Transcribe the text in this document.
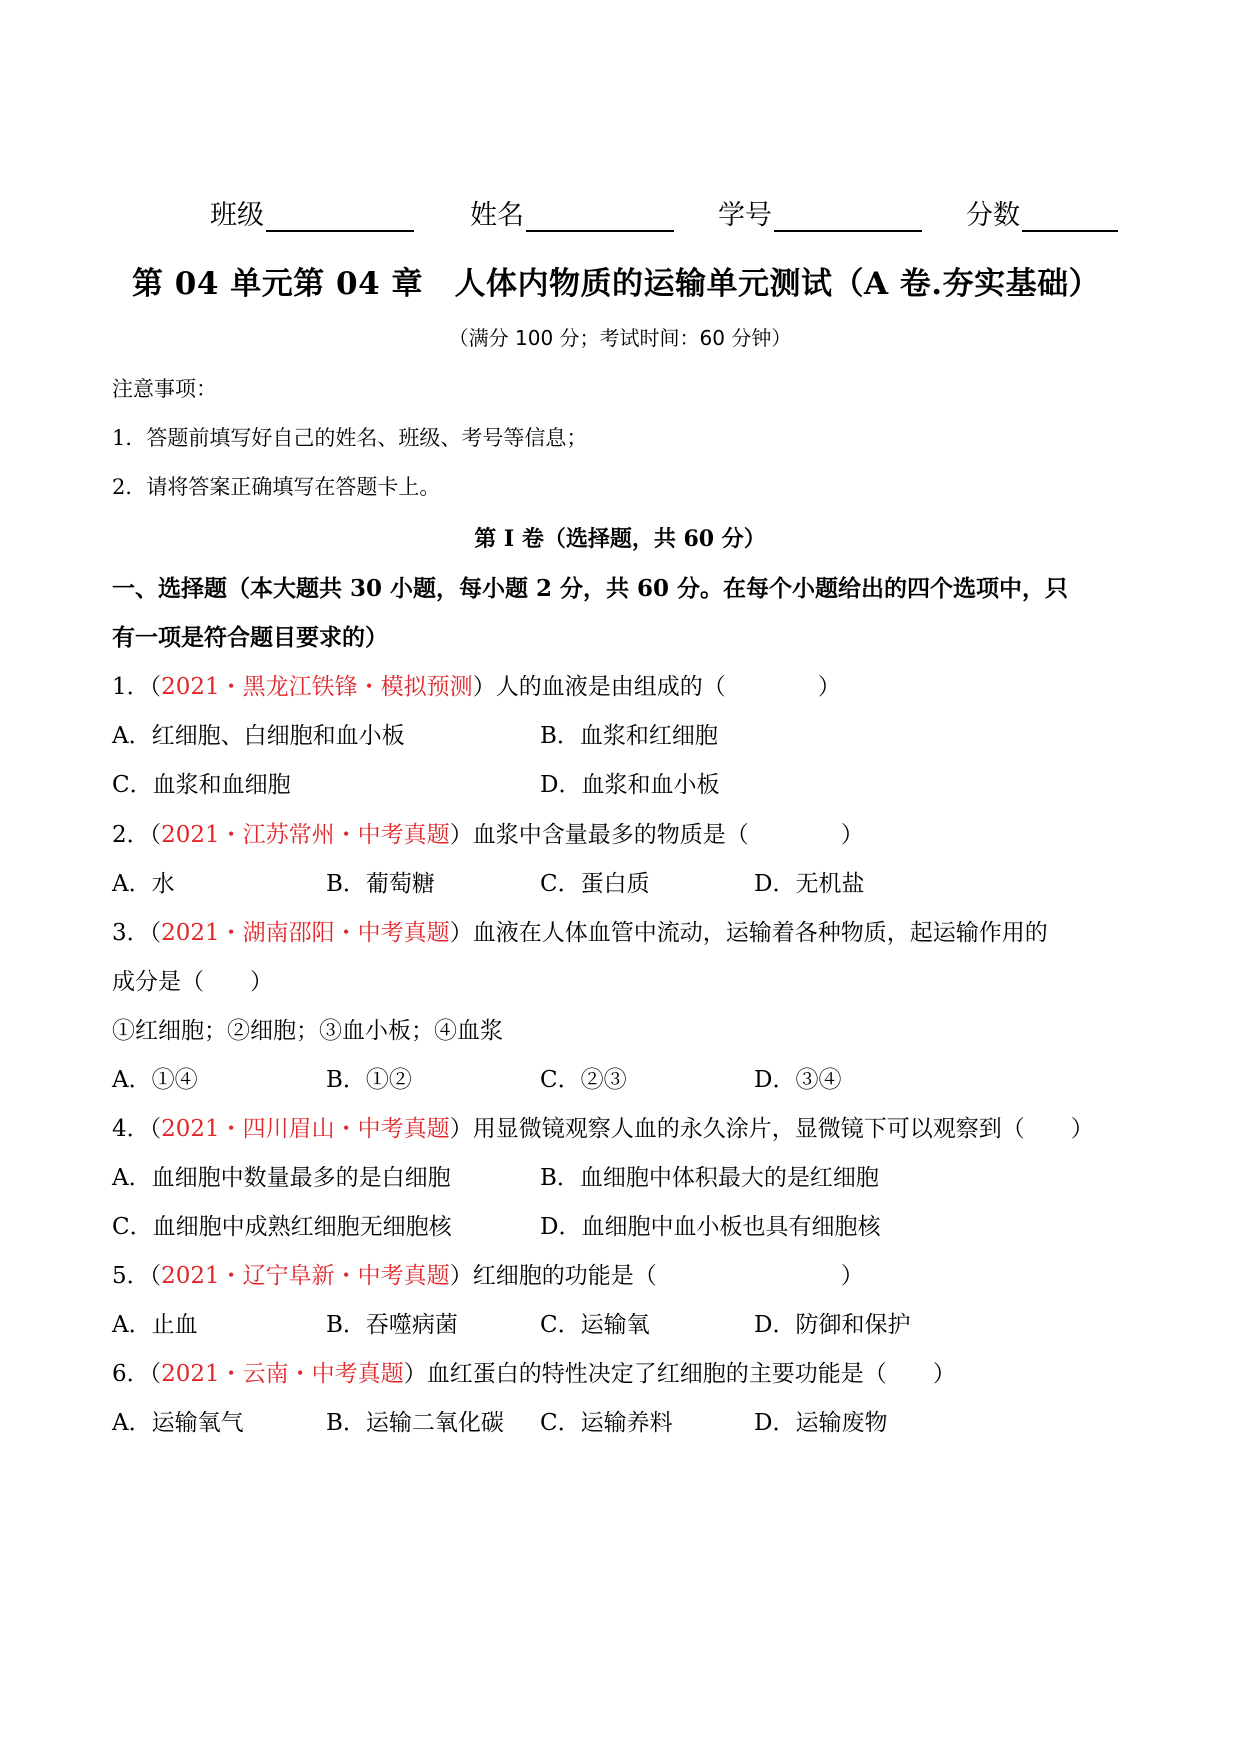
班级	姓名	学号	分数
第 04 单元第 04 章　人体内物质的运输单元测试（A 卷.夯实基础）
（满分 100 分；考试时间：60 分钟）
注意事项：
1．答题前填写好自己的姓名、班级、考号等信息；
2．请将答案正确填写在答题卡上。
第 I 卷（选择题，共 60 分）
一、选择题（本大题共 30 小题，每小题 2 分，共 60 分。在每个小题给出的四个选项中，只
有一项是符合题目要求的）
1．（2021・黑龙江铁锋・模拟预测）人的血液是由组成的（　　　　）
A．红细胞、白细胞和血小板	B．血浆和红细胞
C．血浆和血细胞	D．血浆和血小板
2．（2021・江苏常州・中考真题）血浆中含量最多的物质是（　　　　）
A．水	B．葡萄糖	C．蛋白质	D．无机盐
3．（2021・湖南邵阳・中考真题）血液在人体血管中流动，运输着各种物质，起运输作用的
成分是（　　）
①红细胞；②细胞；③血小板；④血浆
A．①④	B．①②	C．②③	D．③④
4．（2021・四川眉山・中考真题）用显微镜观察人血的永久涂片，显微镜下可以观察到（　　）
A．血细胞中数量最多的是白细胞	B．血细胞中体积最大的是红细胞
C．血细胞中成熟红细胞无细胞核	D．血细胞中血小板也具有细胞核
5．（2021・辽宁阜新・中考真题）红细胞的功能是（　　　　　　　　）
A．止血	B．吞噬病菌	C．运输氧	D．防御和保护
6．（2021・云南・中考真题）血红蛋白的特性决定了红细胞的主要功能是（　　）
A．运输氧气	B．运输二氧化碳 C．运输养料	D．运输废物
